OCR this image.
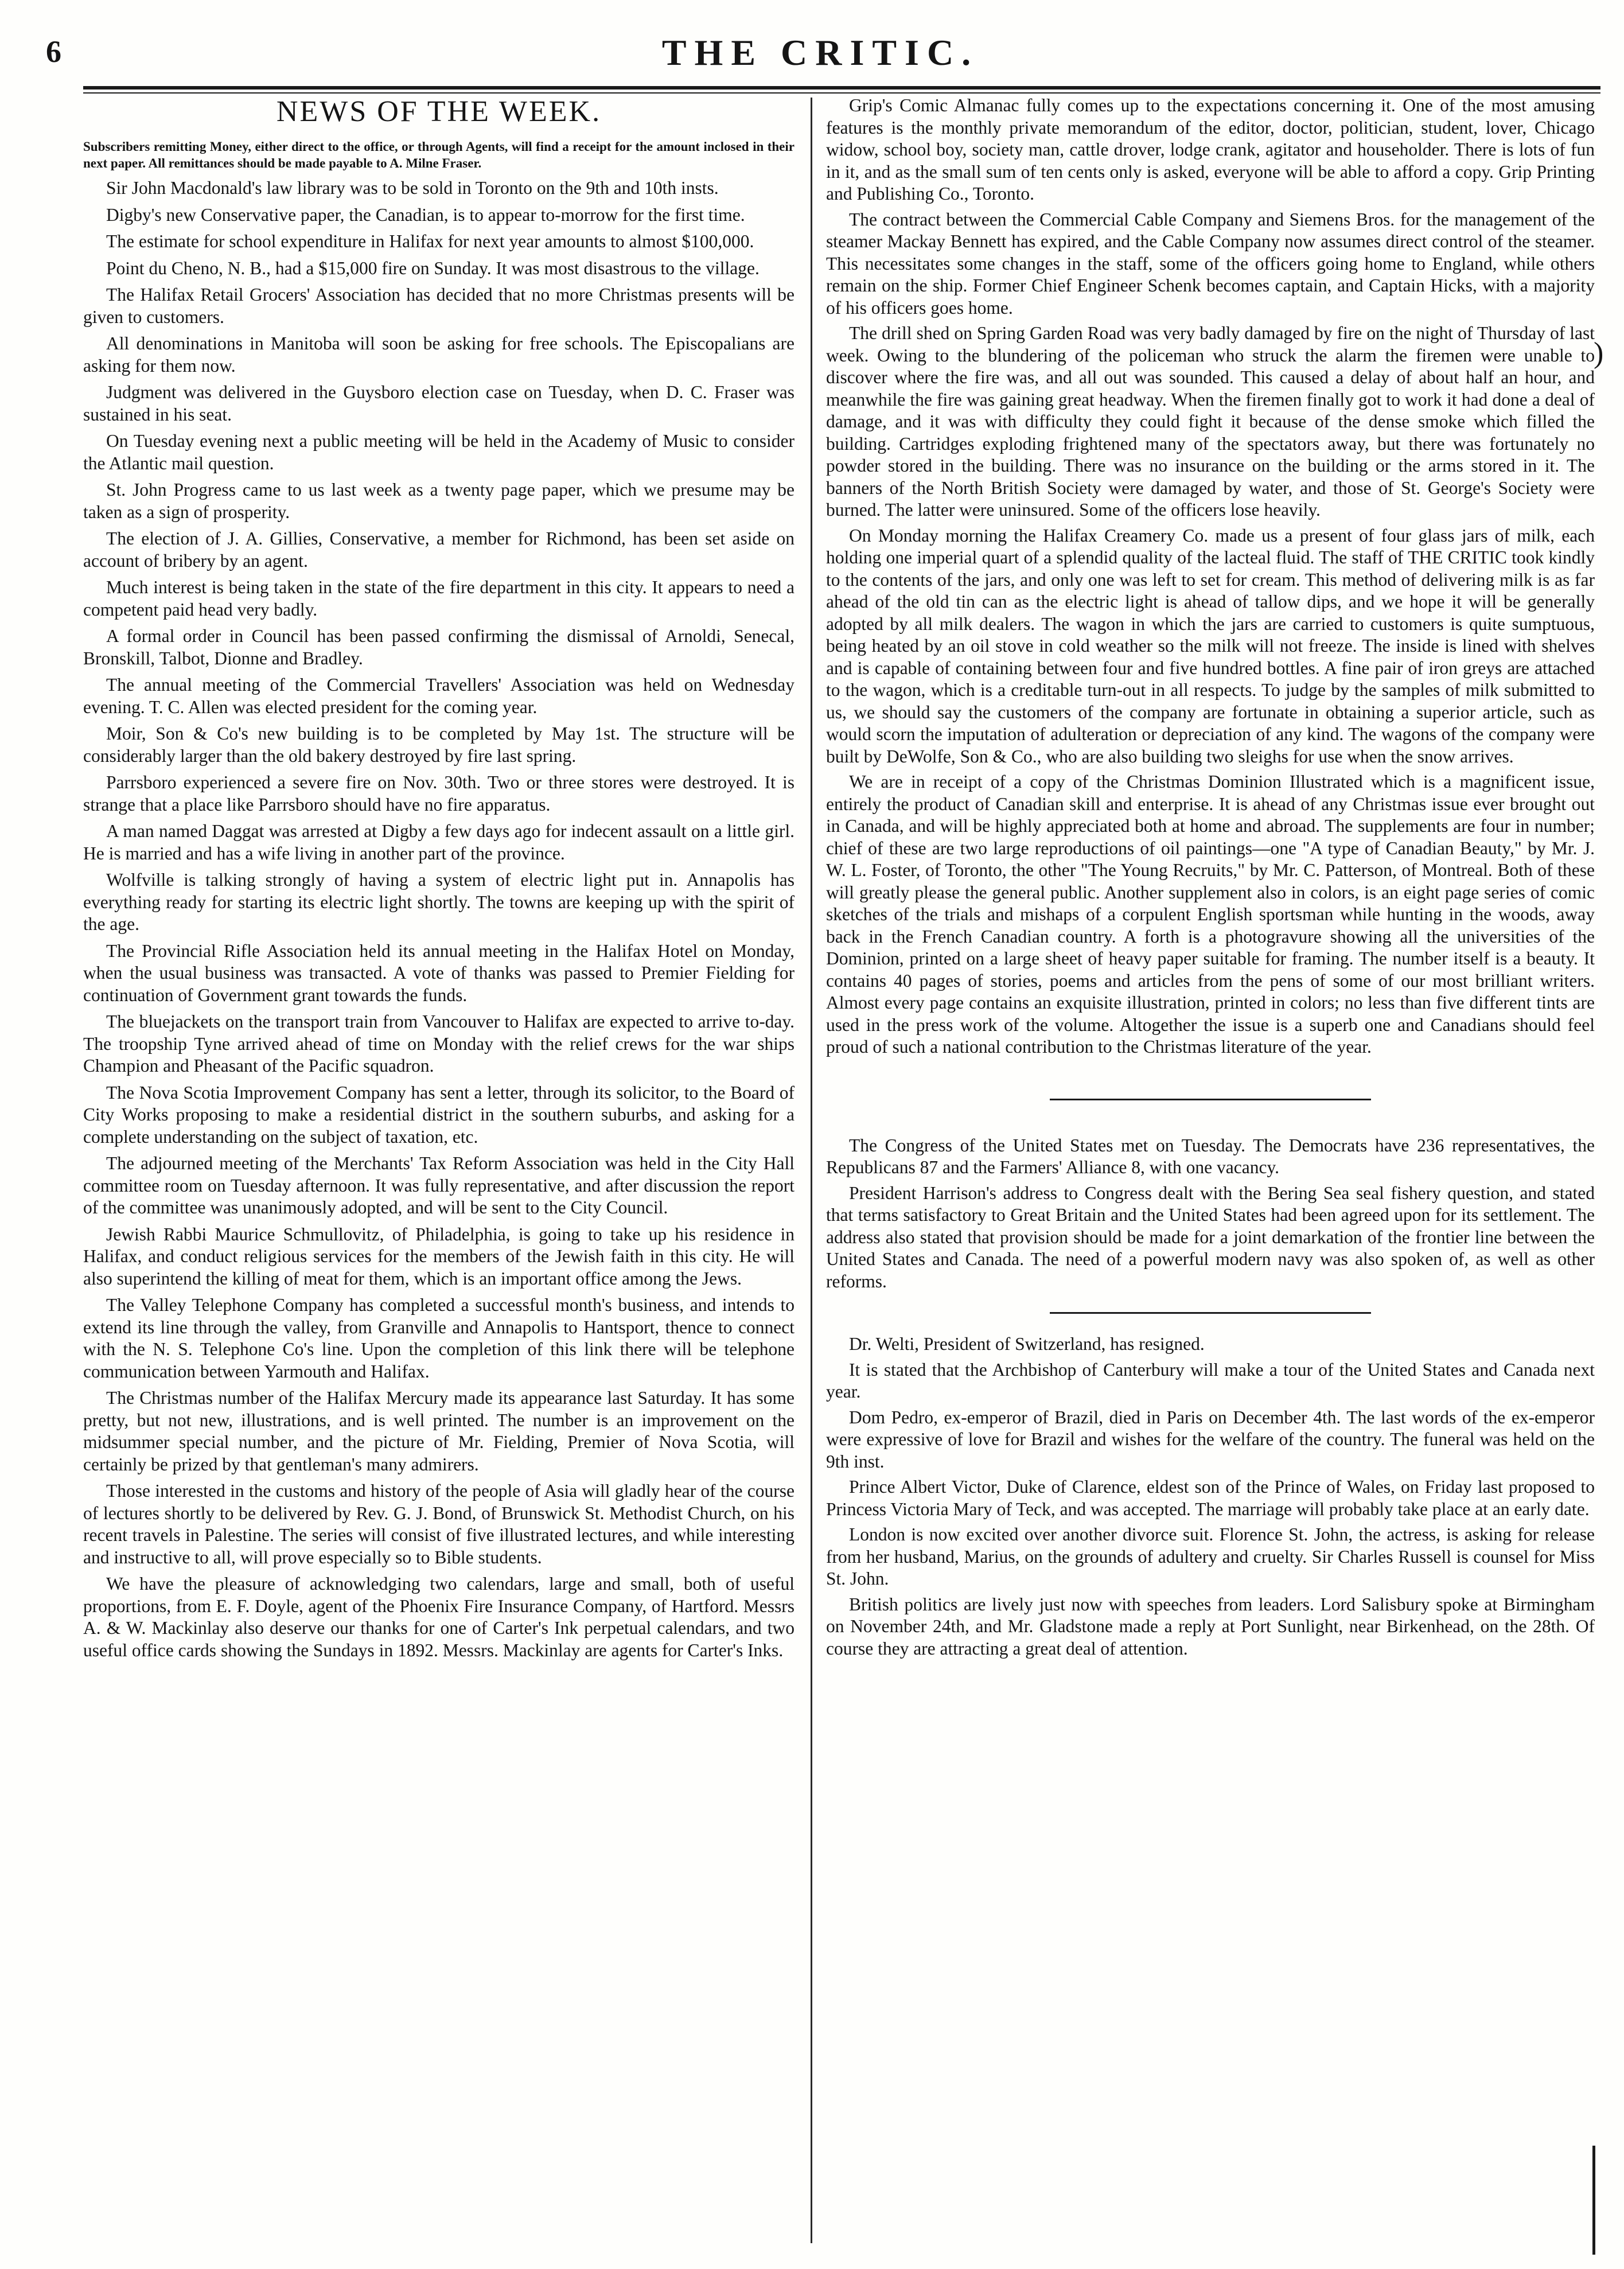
6	THE CRITIC.
NEWS OF THE WEEK.
Subscribers remitting Money, either direct to the office, or through Agents, will find a receipt for the amount inclosed in their next paper. All remittances should be made payable to A. Milne Fraser.

Sir John Macdonald's law library was to be sold in Toronto on the 9th and 10th insts.

Digby's new Conservative paper, the Canadian, is to appear to-morrow for the first time.

The estimate for school expenditure in Halifax for next year amounts to almost $100,000.

Point du Cheno, N. B., had a $15,000 fire on Sunday. It was most disastrous to the village.

The Halifax Retail Grocers' Association has decided that no more Christmas presents will be given to customers.

All denominations in Manitoba will soon be asking for free schools. The Episcopalians are asking for them now.

Judgment was delivered in the Guysboro election case on Tuesday, when D. C. Fraser was sustained in his seat.

On Tuesday evening next a public meeting will be held in the Academy of Music to consider the Atlantic mail question.

St. John Progress came to us last week as a twenty page paper, which we presume may be taken as a sign of prosperity.

The election of J. A. Gillies, Conservative, a member for Richmond, has been set aside on account of bribery by an agent.

Much interest is being taken in the state of the fire department in this city. It appears to need a competent paid head very badly.

A formal order in Council has been passed confirming the dismissal of Arnoldi, Senecal, Bronskill, Talbot, Dionne and Bradley.

The annual meeting of the Commercial Travellers' Association was held on Wednesday evening. T. C. Allen was elected president for the coming year.

Moir, Son & Co's new building is to be completed by May 1st. The structure will be considerably larger than the old bakery destroyed by fire last spring.

Parrsboro experienced a severe fire on Nov. 30th. Two or three stores were destroyed. It is strange that a place like Parrsboro should have no fire apparatus.

A man named Daggat was arrested at Digby a few days ago for indecent assault on a little girl. He is married and has a wife living in another part of the province.

Wolfville is talking strongly of having a system of electric light put in. Annapolis has everything ready for starting its electric light shortly. The towns are keeping up with the spirit of the age.

The Provincial Rifle Association held its annual meeting in the Halifax Hotel on Monday, when the usual business was transacted. A vote of thanks was passed to Premier Fielding for continuation of Government grant towards the funds.

The bluejackets on the transport train from Vancouver to Halifax are expected to arrive to-day. The troopship Tyne arrived ahead of time on Monday with the relief crews for the war ships Champion and Pheasant of the Pacific squadron.

The Nova Scotia Improvement Company has sent a letter, through its solicitor, to the Board of City Works proposing to make a residential district in the southern suburbs, and asking for a complete understanding on the subject of taxation, etc.

The adjourned meeting of the Merchants' Tax Reform Association was held in the City Hall committee room on Tuesday afternoon. It was fully representative, and after discussion the report of the committee was unanimously adopted, and will be sent to the City Council.

Jewish Rabbi Maurice Schmullovitz, of Philadelphia, is going to take up his residence in Halifax, and conduct religious services for the members of the Jewish faith in this city. He will also superintend the killing of meat for them, which is an important office among the Jews.

The Valley Telephone Company has completed a successful month's business, and intends to extend its line through the valley, from Granville and Annapolis to Hantsport, thence to connect with the N. S. Telephone Co's line. Upon the completion of this link there will be telephone communication between Yarmouth and Halifax.

The Christmas number of the Halifax Mercury made its appearance last Saturday. It has some pretty, but not new, illustrations, and is well printed. The number is an improvement on the midsummer special number, and the picture of Mr. Fielding, Premier of Nova Scotia, will certainly be prized by that gentleman's many admirers.

Those interested in the customs and history of the people of Asia will gladly hear of the course of lectures shortly to be delivered by Rev. G. J. Bond, of Brunswick St. Methodist Church, on his recent travels in Palestine. The series will consist of five illustrated lectures, and while interesting and instructive to all, will prove especially so to Bible students.

We have the pleasure of acknowledging two calendars, large and small, both of useful proportions, from E. F. Doyle, agent of the Phoenix Fire Insurance Company, of Hartford. Messrs A. & W. Mackinlay also deserve our thanks for one of Carter's Ink perpetual calendars, and two useful office cards showing the Sundays in 1892. Messrs. Mackinlay are agents for Carter's Inks.

Grip's Comic Almanac fully comes up to the expectations concerning it. One of the most amusing features is the monthly private memorandum of the editor, doctor, politician, student, lover, Chicago widow, school boy, society man, cattle drover, lodge crank, agitator and householder. There is lots of fun in it, and as the small sum of ten cents only is asked, everyone will be able to afford a copy. Grip Printing and Publishing Co., Toronto.

The contract between the Commercial Cable Company and Siemens Bros. for the management of the steamer Mackay Bennett has expired, and the Cable Company now assumes direct control of the steamer. This necessitates some changes in the staff, some of the officers going home to England, while others remain on the ship. Former Chief Engineer Schenk becomes captain, and Captain Hicks, with a majority of his officers goes home.

The drill shed on Spring Garden Road was very badly damaged by fire on the night of Thursday of last week. Owing to the blundering of the policeman who struck the alarm the firemen were unable to discover where the fire was, and all out was sounded. This caused a delay of about half an hour, and meanwhile the fire was gaining great headway. When the firemen finally got to work it had done a deal of damage, and it was with difficulty they could fight it because of the dense smoke which filled the building. Cartridges exploding frightened many of the spectators away, but there was fortunately no powder stored in the building. There was no insurance on the building or the arms stored in it. The banners of the North British Society were damaged by water, and those of St. George's Society were burned. The latter were uninsured. Some of the officers lose heavily.

On Monday morning the Halifax Creamery Co. made us a present of four glass jars of milk, each holding one imperial quart of a splendid quality of the lacteal fluid. The staff of THE CRITIC took kindly to the contents of the jars, and only one was left to set for cream. This method of delivering milk is as far ahead of the old tin can as the electric light is ahead of tallow dips, and we hope it will be generally adopted by all milk dealers. The wagon in which the jars are carried to customers is quite sumptuous, being heated by an oil stove in cold weather so the milk will not freeze. The inside is lined with shelves and is capable of containing between four and five hundred bottles. A fine pair of iron greys are attached to the wagon, which is a creditable turn-out in all respects. To judge by the samples of milk submitted to us, we should say the customers of the company are fortunate in obtaining a superior article, such as would scorn the imputation of adulteration or depreciation of any kind. The wagons of the company were built by DeWolfe, Son & Co., who are also building two sleighs for use when the snow arrives.

We are in receipt of a copy of the Christmas Dominion Illustrated which is a magnificent issue, entirely the product of Canadian skill and enterprise. It is ahead of any Christmas issue ever brought out in Canada, and will be highly appreciated both at home and abroad. The supplements are four in number; chief of these are two large reproductions of oil paintings—one "A type of Canadian Beauty," by Mr. J. W. L. Foster, of Toronto, the other "The Young Recruits," by Mr. C. Patterson, of Montreal. Both of these will greatly please the general public. Another supplement also in colors, is an eight page series of comic sketches of the trials and mishaps of a corpulent English sportsman while hunting in the woods, away back in the French Canadian country. A forth is a photogravure showing all the universities of the Dominion, printed on a large sheet of heavy paper suitable for framing. The number itself is a beauty. It contains 40 pages of stories, poems and articles from the pens of some of our most brilliant writers. Almost every page contains an exquisite illustration, printed in colors; no less than five different tints are used in the press work of the volume. Altogether the issue is a superb one and Canadians should feel proud of such a national contribution to the Christmas literature of the year.

The Congress of the United States met on Tuesday. The Democrats have 236 representatives, the Republicans 87 and the Farmers' Alliance 8, with one vacancy.

President Harrison's address to Congress dealt with the Bering Sea seal fishery question, and stated that terms satisfactory to Great Britain and the United States had been agreed upon for its settlement. The address also stated that provision should be made for a joint demarkation of the frontier line between the United States and Canada. The need of a powerful modern navy was also spoken of, as well as other reforms.

Dr. Welti, President of Switzerland, has resigned.

It is stated that the Archbishop of Canterbury will make a tour of the United States and Canada next year.

Dom Pedro, ex-emperor of Brazil, died in Paris on December 4th. The last words of the ex-emperor were expressive of love for Brazil and wishes for the welfare of the country. The funeral was held on the 9th inst.

Prince Albert Victor, Duke of Clarence, eldest son of the Prince of Wales, on Friday last proposed to Princess Victoria Mary of Teck, and was accepted. The marriage will probably take place at an early date.

London is now excited over another divorce suit. Florence St. John, the actress, is asking for release from her husband, Marius, on the grounds of adultery and cruelty. Sir Charles Russell is counsel for Miss St. John.

British politics are lively just now with speeches from leaders. Lord Salisbury spoke at Birmingham on November 24th, and Mr. Gladstone made a reply at Port Sunlight, near Birkenhead, on the 28th. Of course they are attracting a great deal of attention.

)
